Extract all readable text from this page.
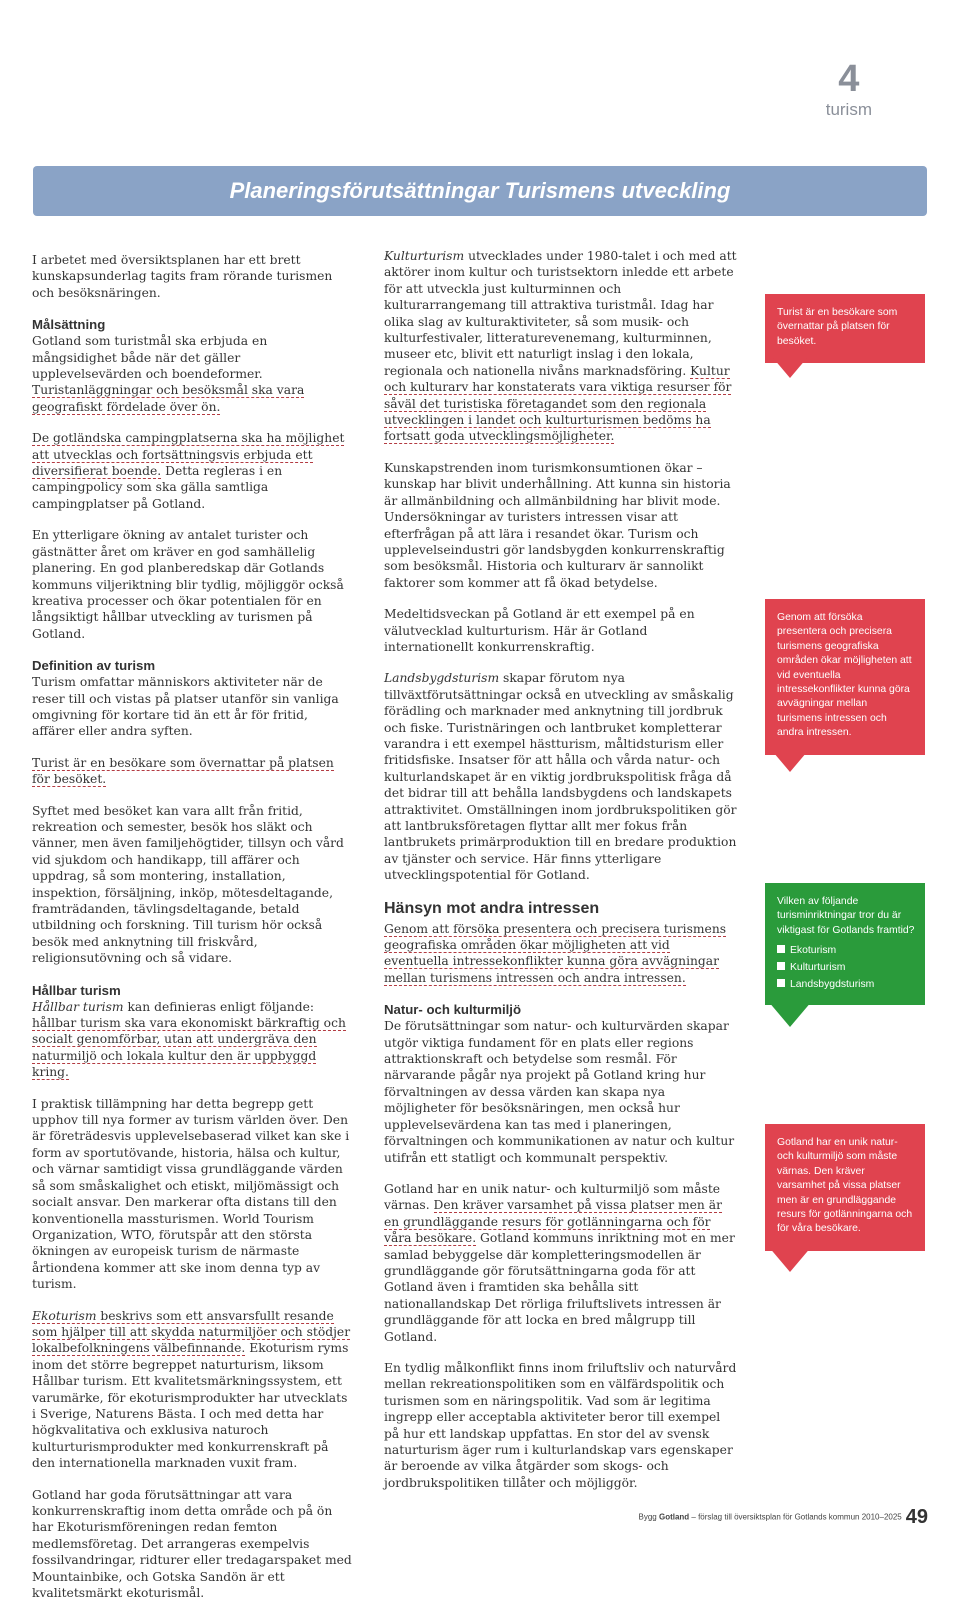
4
turism
Planeringsförutsättningar Turismens utveckling

I arbetet med översiktsplanen har ett brett kunskapsunderlag tagits fram rörande turismen och besöksnäringen.

Målsättning

Gotland som turistmål ska erbjuda en mångsidighet både när det gäller upplevelsevärden och boendeformer. Turistanläggningar och besöksmål ska vara geografiskt fördelade över ön.

De gotländska campingplatserna ska ha möjlighet att utvecklas och fortsättningsvis erbjuda ett diversifierat boende. Detta regleras i en campingpolicy som ska gälla samtliga campingplatser på Gotland.

En ytterligare ökning av antalet turister och gästnätter året om kräver en god samhällelig planering. En god planberedskap där Gotlands kommuns viljeriktning blir tydlig, möjliggör också kreativa processer och ökar potentialen för en långsiktigt hållbar utveckling av turismen på Gotland.

Definition av turism

Turism omfattar människors aktiviteter när de reser till och vistas på platser utanför sin vanliga omgivning för kortare tid än ett år för fritid, affärer eller andra syften.

Turist är en besökare som övernattar på platsen för besöket.

Syftet med besöket kan vara allt från fritid, rekreation och semester, besök hos släkt och vänner, men även familjehögtider, tillsyn och vård vid sjukdom och handikapp, till affärer och uppdrag, så som montering, installation, inspektion, försäljning, inköp, mötesdeltagande, framträdanden, tävlingsdeltagande, betald utbildning och forskning. Till turism hör också besök med anknytning till friskvård, religionsutövning och så vidare.

Hållbar turism

Hållbar turism kan definieras enligt följande: hållbar turism ska vara ekonomiskt bärkraftig och socialt genomförbar, utan att undergräva den naturmiljö och lokala kultur den är uppbyggd kring.

I praktisk tillämpning har detta begrepp gett upphov till nya former av turism världen över. Den är företrädesvis upplevelsebaserad vilket kan ske i form av sportutövande, historia, hälsa och kultur, och värnar samtidigt vissa grundläggande värden så som småskalighet och etiskt, miljömässigt och socialt ansvar. Den markerar ofta distans till den konventionella massturismen. World Tourism Organization, WTO, förutspår att den största ökningen av europeisk turism de närmaste årtiondena kommer att ske inom denna typ av turism.

Ekoturism beskrivs som ett ansvarsfullt resande som hjälper till att skydda naturmiljöer och stödjer lokalbefolkningens välbefinnande. Ekoturism ryms inom det större begreppet naturturism, liksom Hållbar turism. Ett kvalitetsmärkningssystem, ett varumärke, för ekoturismprodukter har utvecklats i Sverige, Naturens Bästa. I och med detta har högkvalitativa och exklusiva naturoch kulturturismprodukter med konkurrenskraft på den internationella marknaden vuxit fram.

Gotland har goda förutsättningar att vara konkurrenskraftig inom detta område och på ön har Ekoturismföreningen redan femton medlemsföretag. Det arrangeras exempelvis fossilvandringar, ridturer eller tredagarspaket med Mountainbike, och Gotska Sandön är ett kvalitetsmärkt ekoturismål.

Kulturturism utvecklades under 1980-talet i och med att aktörer inom kultur och turistsektorn inledde ett arbete för att utveckla just kulturminnen och kulturarrangemang till attraktiva turistmål. Idag har olika slag av kulturaktiviteter, så som musik- och kulturfestivaler, litteraturevenemang, kulturminnen, museer etc, blivit ett naturligt inslag i den lokala, regionala och nationella nivåns marknadsföring. Kultur och kulturarv har konstaterats vara viktiga resurser för såväl det turistiska företagandet som den regionala utvecklingen i landet och kulturturismen bedöms ha fortsatt goda utvecklingsmöjligheter.

Kunskapstrenden inom turismkonsumtionen ökar – kunskap har blivit underhållning. Att kunna sin historia är allmänbildning och allmänbildning har blivit mode. Undersökningar av turisters intressen visar att efterfrågan på att lära i resandet ökar. Turism och upplevelseindustri gör landsbygden konkurrenskraftig som besöksmål. Historia och kulturarv är sannolikt faktorer som kommer att få ökad betydelse.

Medeltidsveckan på Gotland är ett exempel på en välutvecklad kulturturism. Här är Gotland internationellt konkurrenskraftig.

Landsbygdsturism skapar förutom nya tillväxtförutsättningar också en utveckling av småskalig förädling och marknader med anknytning till jordbruk och fiske. Turistnäringen och lantbruket kompletterar varandra i ett exempel hästturism, måltidsturism eller fritidsfiske. Insatser för att hålla och vårda natur- och kulturlandskapet är en viktig jordbrukspolitisk fråga då det bidrar till att behålla landsbygdens och landskapets attraktivitet. Omställningen inom jordbrukspolitiken gör att lantbruksföretagen flyttar allt mer fokus från lantbrukets primärproduktion till en bredare produktion av tjänster och service. Här finns ytterligare utvecklingspotential för Gotland.

Hänsyn mot andra intressen

Genom att försöka presentera och precisera turismens geografiska områden ökar möjligheten att vid eventuella intressekonflikter kunna göra avvägningar mellan turismens intressen och andra intressen.

Natur- och kulturmiljö

De förutsättningar som natur- och kulturvärden skapar utgör viktiga fundament för en plats eller regions attraktionskraft och betydelse som resmål. För närvarande pågår nya projekt på Gotland kring hur förvaltningen av dessa värden kan skapa nya möjligheter för besöksnäringen, men också hur upplevelsevärdena kan tas med i planeringen, förvaltningen och kommunikationen av natur och kultur utifrån ett statligt och kommunalt perspektiv.

Gotland har en unik natur- och kulturmiljö som måste värnas. Den kräver varsamhet på vissa platser men är en grundläggande resurs för gotlänningarna och för våra besökare. Gotland kommuns inriktning mot en mer samlad bebyggelse där kompletteringsmodellen är grundläggande gör förutsättningarna goda för att Gotland även i framtiden ska behålla sitt nationallandskap Det rörliga friluftslivets intressen är grundläggande för att locka en bred målgrupp till Gotland.

En tydlig målkonflikt finns inom friluftsliv och naturvård mellan rekreationspolitiken som en välfärdspolitik och turismen som en näringspolitik. Vad som är legitima ingrepp eller acceptabla aktiviteter beror till exempel på hur ett landskap uppfattas. En stor del av svensk naturturism äger rum i kulturlandskap vars egenskaper är beroende av vilka åtgärder som skogs- och jordbrukspolitiken tillåter och möjliggör.

Turist är en besökare som övernattar på platsen för besöket.
Genom att försöka presentera och precisera turismens geografiska områden ökar möjligheten att vid eventuella intressekonflikter kunna göra avvägningar mellan turismens intressen och andra intressen.
Vilken av följande turisminriktningar tror du är viktigast för Gotlands framtid?
Ekoturism
Kulturturism
Landsbygdsturism
Gotland har en unik natur- och kulturmiljö som måste värnas. Den kräver varsamhet på vissa platser men är en grundläggande resurs för gotlänningarna och för våra besökare.
Bygg Gotland – förslag till översiktsplan för Gotlands kommun 2010–2025 49
